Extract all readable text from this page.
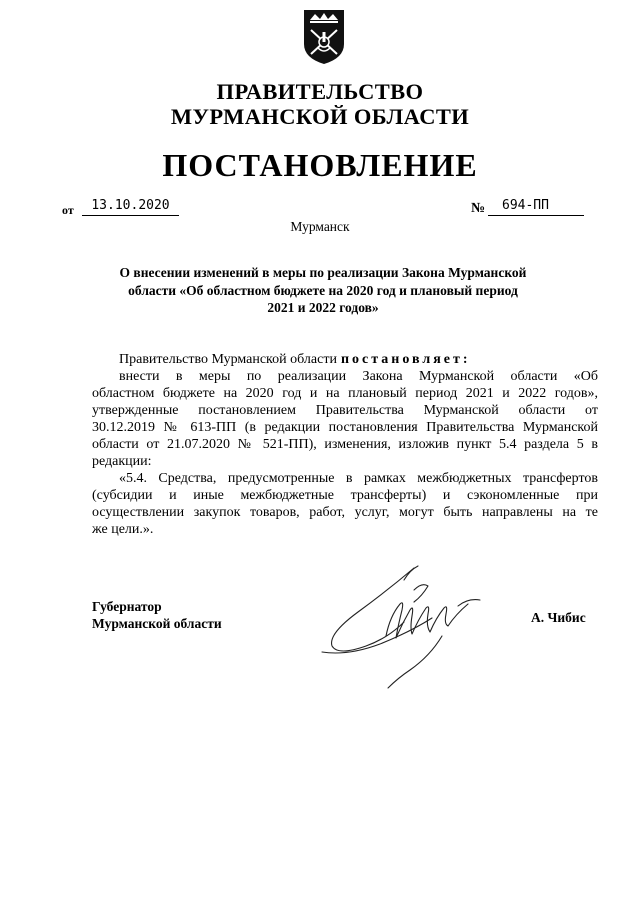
ПРАВИТЕЛЬСТВО
МУРМАНСКОЙ ОБЛАСТИ
ПОСТАНОВЛЕНИЕ
от	13.10.2020	№	694-ПП
Мурманск
О внесении изменений в меры по реализации Закона Мурманской
области «Об областном бюджете на 2020 год и плановый период
2021 и 2022 годов»
Правительство Мурманской области постановляет:
внести в меры по реализации Закона Мурманской области «Об
областном бюджете на 2020 год и на плановый период 2021 и 2022 годов»,
утвержденные постановлением Правительства Мурманской области от
30.12.2019 № 613-ПП (в редакции постановления Правительства Мурманской
области от 21.07.2020 № 521-ПП), изменения, изложив пункт 5.4 раздела 5 в
редакции:
«5.4. Средства, предусмотренные в рамках межбюджетных трансфертов
(субсидии и иные межбюджетные трансферты) и сэкономленные при
осуществлении закупок товаров, работ, услуг, могут быть направлены на те
же цели.».
Губернатор
Мурманской области	А. Чибис
